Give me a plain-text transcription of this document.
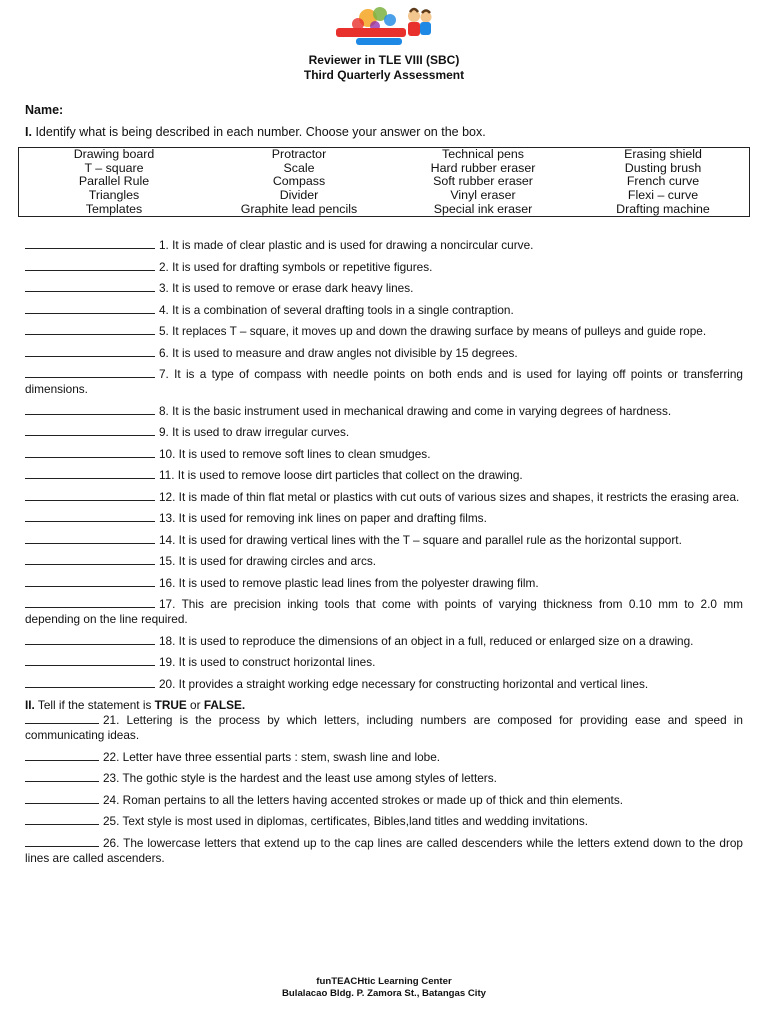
Reviewer in TLE VIII (SBC)
Third Quarterly Assessment
Name:
I. Identify what is being described in each number. Choose your answer on the box.
Drawing board
T – square
Parallel Rule
Triangles
Templates
Protractor
Scale
Compass
Divider
Graphite lead pencils
Technical pens
Hard rubber eraser
Soft rubber eraser
Vinyl eraser
Special ink eraser
Erasing shield
Dusting brush
French curve
Flexi – curve
Drafting machine
1. It is made of clear plastic and is used for drawing a noncircular curve.
2. It is used for drafting symbols or repetitive figures.
3. It is used to remove or erase dark heavy lines.
4. It is a combination of several drafting tools in a single contraption.
5. It replaces T – square, it moves up and down the drawing surface by means of pulleys and guide rope.
6. It is used to measure and draw angles not divisible by 15 degrees.
7. It is a type of compass with needle points on both ends and is used for laying off points or transferring dimensions.
8. It is the basic instrument used in mechanical drawing and come in varying degrees of hardness.
9. It is used to draw irregular curves.
10. It is used to remove soft lines to clean smudges.
11. It is used to remove loose dirt particles that collect on the drawing.
12. It is made of thin flat metal or plastics with cut outs of various sizes and shapes, it restricts the erasing area.
13. It is used for removing ink lines on paper and drafting films.
14. It is used for drawing vertical lines with the T – square and parallel rule as the horizontal support.
15. It is used for drawing circles and arcs.
16. It is used to remove plastic lead lines from the polyester drawing film.
17. This are precision inking tools that come with points of varying thickness from 0.10 mm to 2.0 mm depending on the line required.
18. It is used to reproduce the dimensions of an object in a full, reduced or enlarged size on a drawing.
19. It is used to construct horizontal lines.
20. It provides a straight working edge necessary for constructing horizontal and vertical lines.
II. Tell if the statement is TRUE or FALSE.
21. Lettering is the process by which letters, including numbers are composed for providing ease and speed in communicating ideas.
22. Letter have three essential parts : stem, swash line and lobe.
23. The gothic style is the hardest and the least use among styles of letters.
24. Roman pertains to all the letters having accented strokes or made up of thick and thin elements.
25. Text style is most used in diplomas, certificates, Bibles,land titles and wedding invitations.
26. The lowercase letters that extend up to the cap lines are called descenders while the letters extend down to the drop lines are called ascenders.
funTEACHtic Learning Center
Bulalacao Bldg. P. Zamora St., Batangas City
